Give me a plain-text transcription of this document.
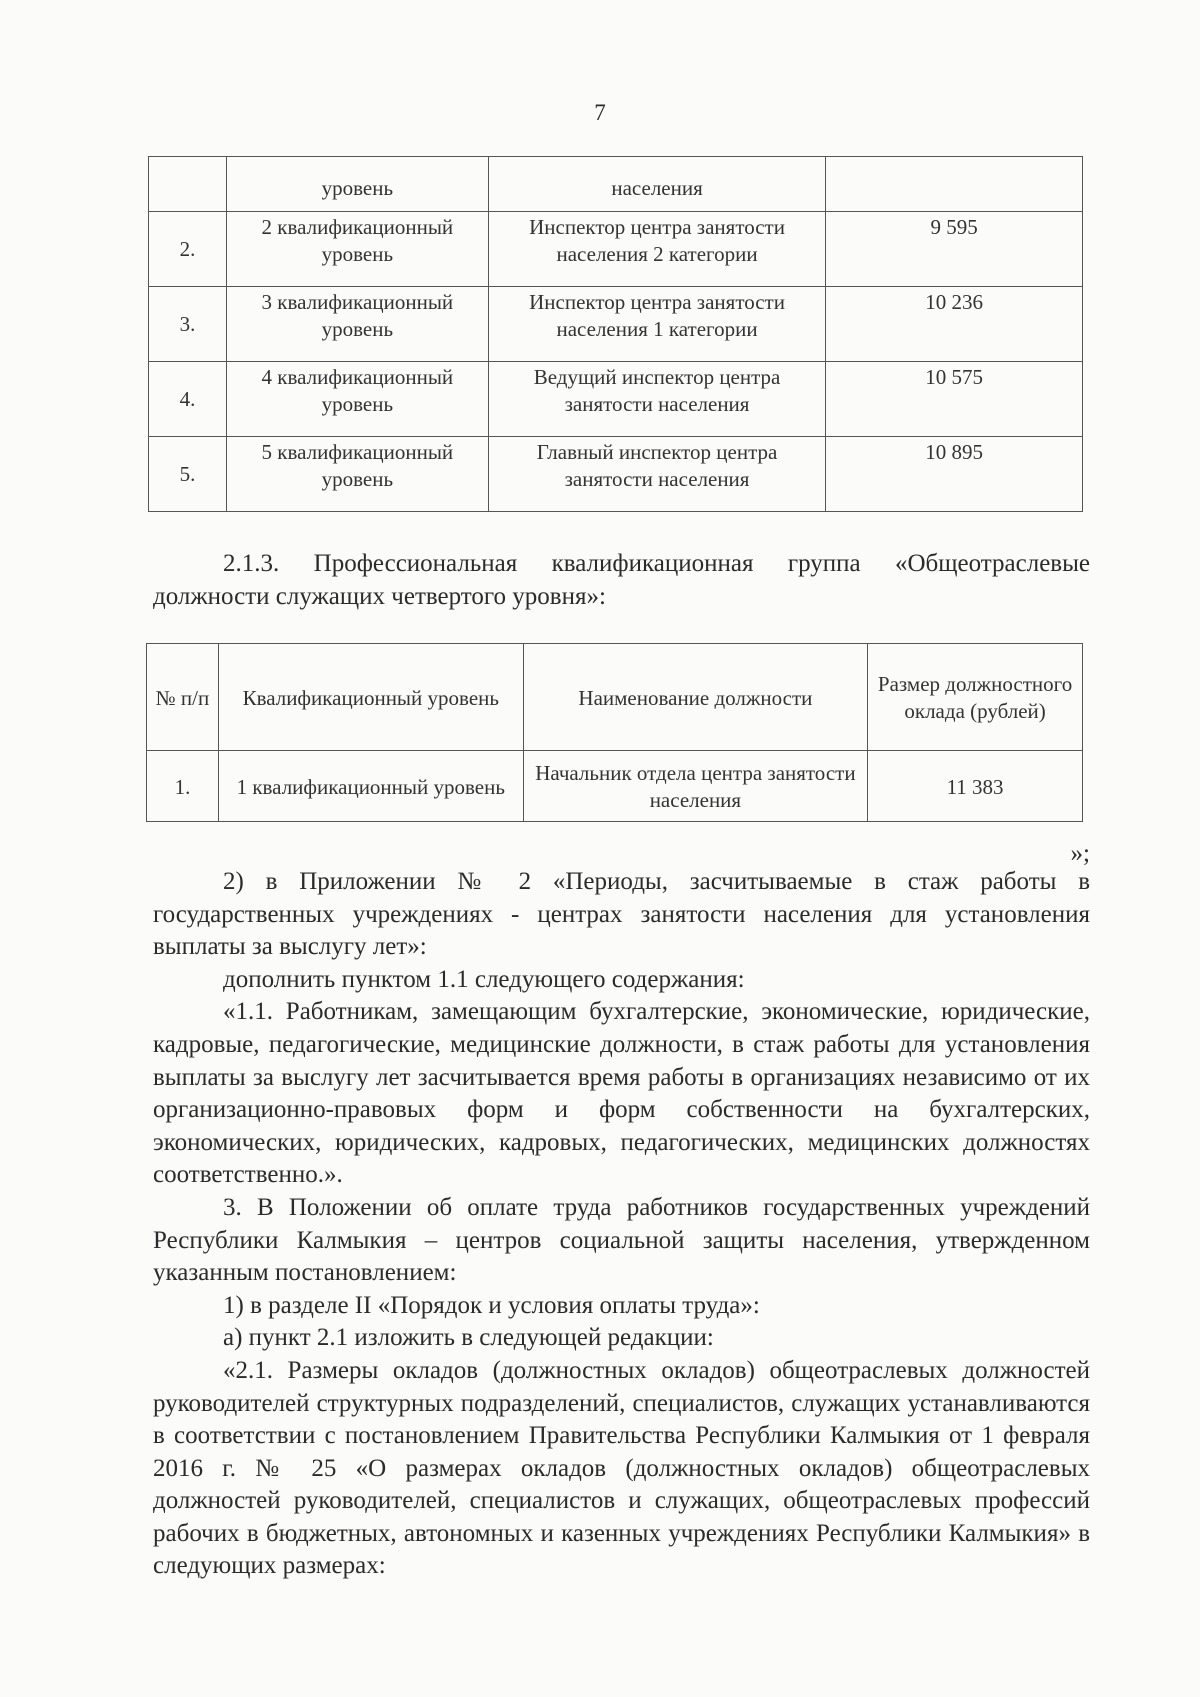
7
	уровень	населения	
2.	2 квалификационный уровень	Инспектор центра занятости населения 2 категории	9 595
3.	3 квалификационный уровень	Инспектор центра занятости населения 1 категории	10 236
4.	4 квалификационный уровень	Ведущий инспектор центра занятости населения	10 575
5.	5 квалификационный уровень	Главный инспектор центра занятости населения	10 895

2.1.3. Профессиональная квалификационная группа «Общеотраслевые должности служащих четвертого уровня»:

№ п/п	Квалификационный уровень	Наименование должности	Размер должностного оклада (рублей)
1.	1 квалификационный уровень	Начальник отдела центра занятости населения	11 383

»;

2) в Приложении № 2 «Периоды, засчитываемые в стаж работы в государственных учреждениях - центрах занятости населения для установления выплаты за выслугу лет»:

дополнить пунктом 1.1 следующего содержания:

«1.1. Работникам, замещающим бухгалтерские, экономические, юридические, кадровые, педагогические, медицинские должности, в стаж работы для установления выплаты за выслугу лет засчитывается время работы в организациях независимо от их организационно-правовых форм и форм собственности на бухгалтерских, экономических, юридических, кадровых, педагогических, медицинских должностях соответственно.».

3. В Положении об оплате труда работников государственных учреждений Республики Калмыкия – центров социальной защиты населения, утвержденном указанным постановлением:

1) в разделе II «Порядок и условия оплаты труда»:

а) пункт 2.1 изложить в следующей редакции:

«2.1. Размеры окладов (должностных окладов) общеотраслевых должностей руководителей структурных подразделений, специалистов, служащих устанавливаются в соответствии с постановлением Правительства Республики Калмыкия от 1 февраля 2016 г. № 25 «О размерах окладов (должностных окладов) общеотраслевых должностей руководителей, специалистов и служащих, общеотраслевых профессий рабочих в бюджетных, автономных и казенных учреждениях Республики Калмыкия» в следующих размерах:
